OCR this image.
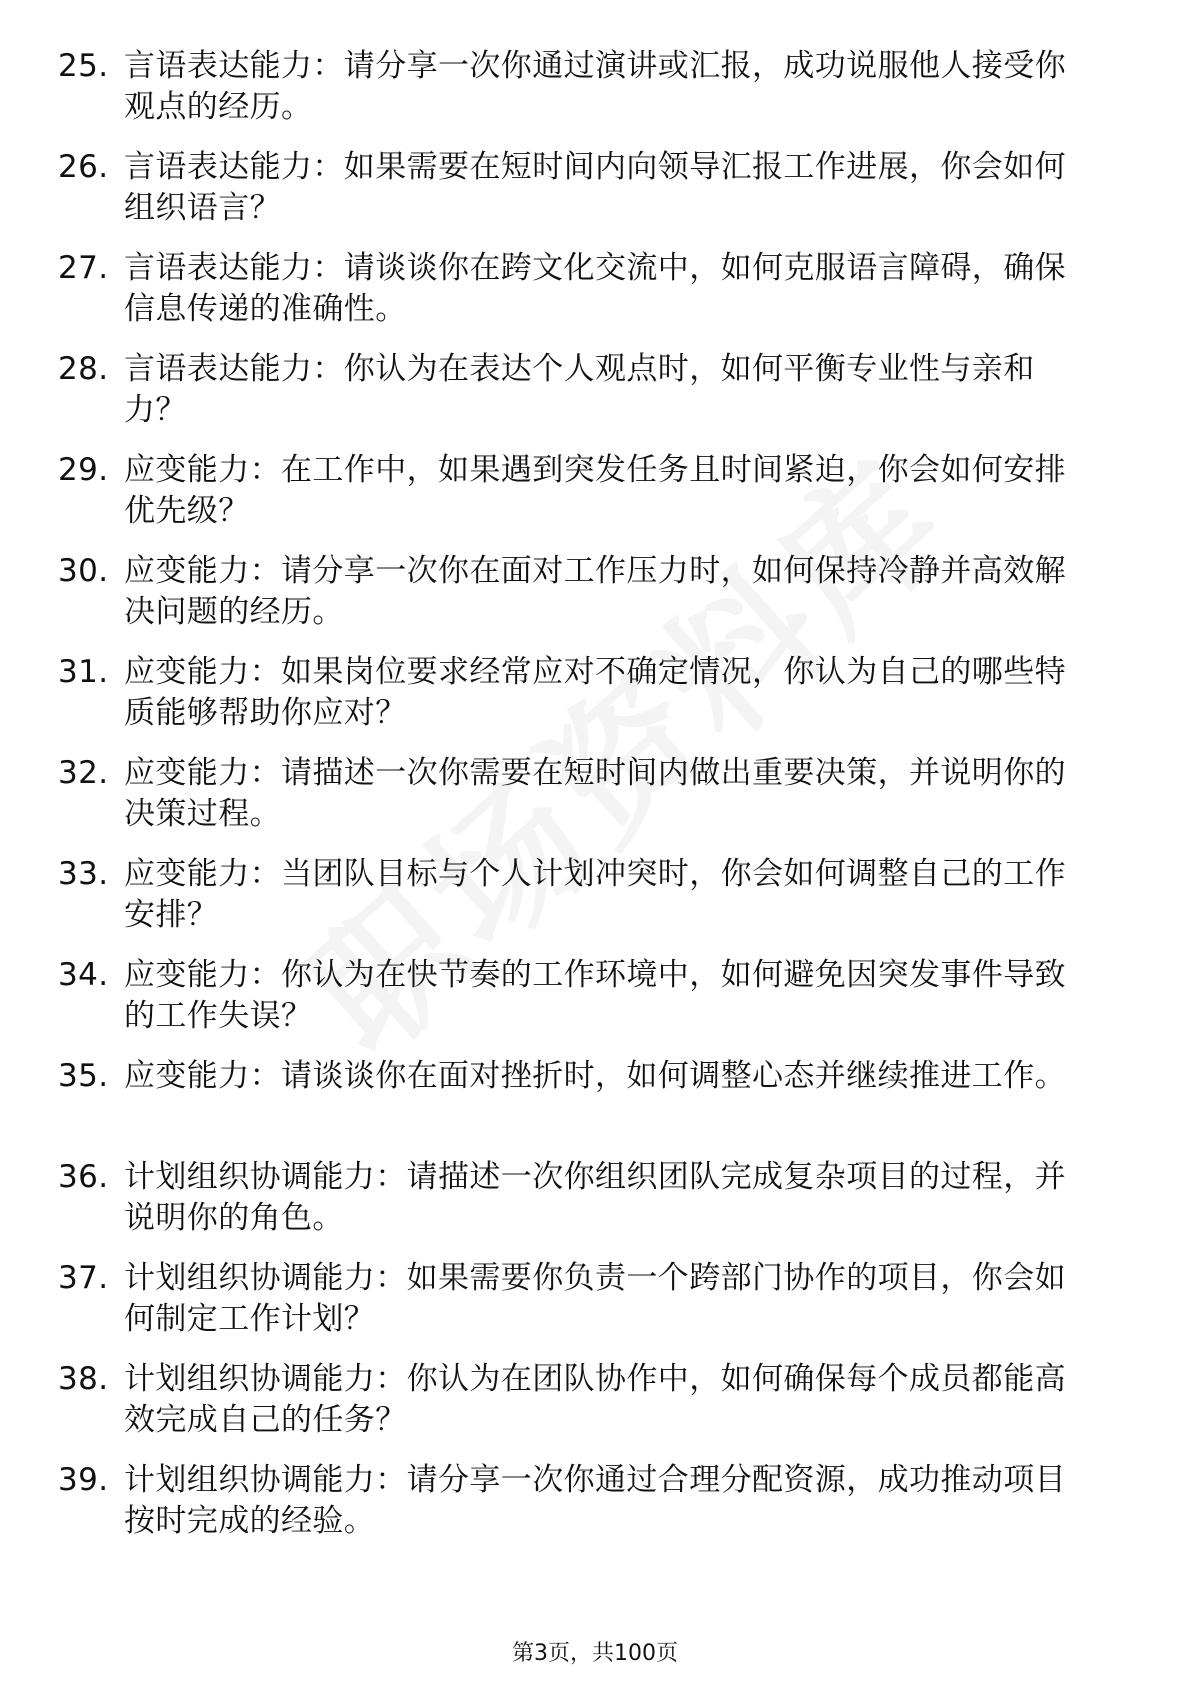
25. 言语表达能力：请分享一次你通过演讲或汇报，成功说服他人接受你观点的经历。
26. 言语表达能力：如果需要在短时间内向领导汇报工作进展，你会如何组织语言？
27. 言语表达能力：请谈谈你在跨文化交流中，如何克服语言障碍，确保信息传递的准确性。
28. 言语表达能力：你认为在表达个人观点时，如何平衡专业性与亲和力？
29. 应变能力：在工作中，如果遇到突发任务且时间紧迫，你会如何安排优先级？
30. 应变能力：请分享一次你在面对工作压力时，如何保持冷静并高效解决问题的经历。
31. 应变能力：如果岗位要求经常应对不确定情况，你认为自己的哪些特质能够帮助你应对？
32. 应变能力：请描述一次你需要在短时间内做出重要决策，并说明你的决策过程。
33. 应变能力：当团队目标与个人计划冲突时，你会如何调整自己的工作安排？
34. 应变能力：你认为在快节奏的工作环境中，如何避免因突发事件导致的工作失误？
35. 应变能力：请谈谈你在面对挫折时，如何调整心态并继续推进工作。
36. 计划组织协调能力：请描述一次你组织团队完成复杂项目的过程，并说明你的角色。
37. 计划组织协调能力：如果需要你负责一个跨部门协作的项目，你会如何制定工作计划？
38. 计划组织协调能力：你认为在团队协作中，如何确保每个成员都能高效完成自己的任务？
39. 计划组织协调能力：请分享一次你通过合理分配资源，成功推动项目按时完成的经验。
第3页，共100页
